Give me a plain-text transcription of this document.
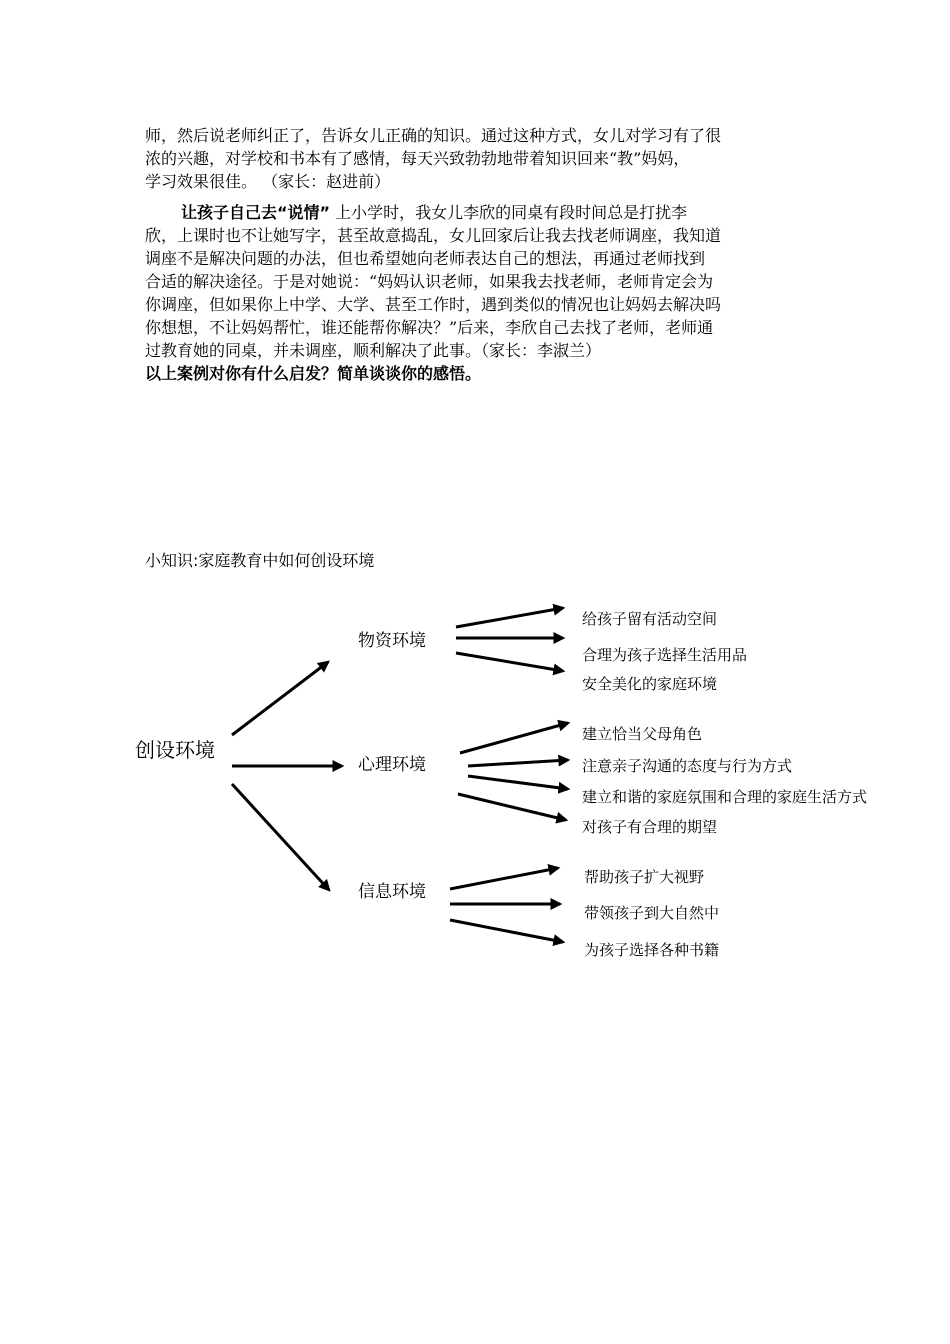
师，然后说老师纠正了，告诉女儿正确的知识。通过这种方式，女儿对学习有了很
浓的兴趣，对学校和书本有了感情，每天兴致勃勃地带着知识回来“教”妈妈，
学习效果很佳。 （家长：赵进前）

让孩子自己去“说情” 上小学时，我女儿李欣的同桌有段时间总是打扰李
欣，上课时也不让她写字，甚至故意捣乱，女儿回家后让我去找老师调座，我知道
调座不是解决问题的办法，但也希望她向老师表达自己的想法，再通过老师找到
合适的解决途径。于是对她说：“妈妈认识老师，如果我去找老师，老师肯定会为
你调座，但如果你上中学、大学、甚至工作时，遇到类似的情况也让妈妈去解决吗
你想想，不让妈妈帮忙，谁还能帮你解决？”后来，李欣自己去找了老师，老师通
过教育她的同桌，并未调座，顺利解决了此事。（家长：李淑兰）
以上案例对你有什么启发？简单谈谈你的感悟。

小知识:家庭教育中如何创设环境
创设环境
物资环境
心理环境
信息环境
给孩子留有活动空间
合理为孩子选择生活用品
安全美化的家庭环境
建立恰当父母角色
注意亲子沟通的态度与行为方式
建立和谐的家庭氛围和合理的家庭生活方式
对孩子有合理的期望
帮助孩子扩大视野
带领孩子到大自然中
为孩子选择各种书籍
